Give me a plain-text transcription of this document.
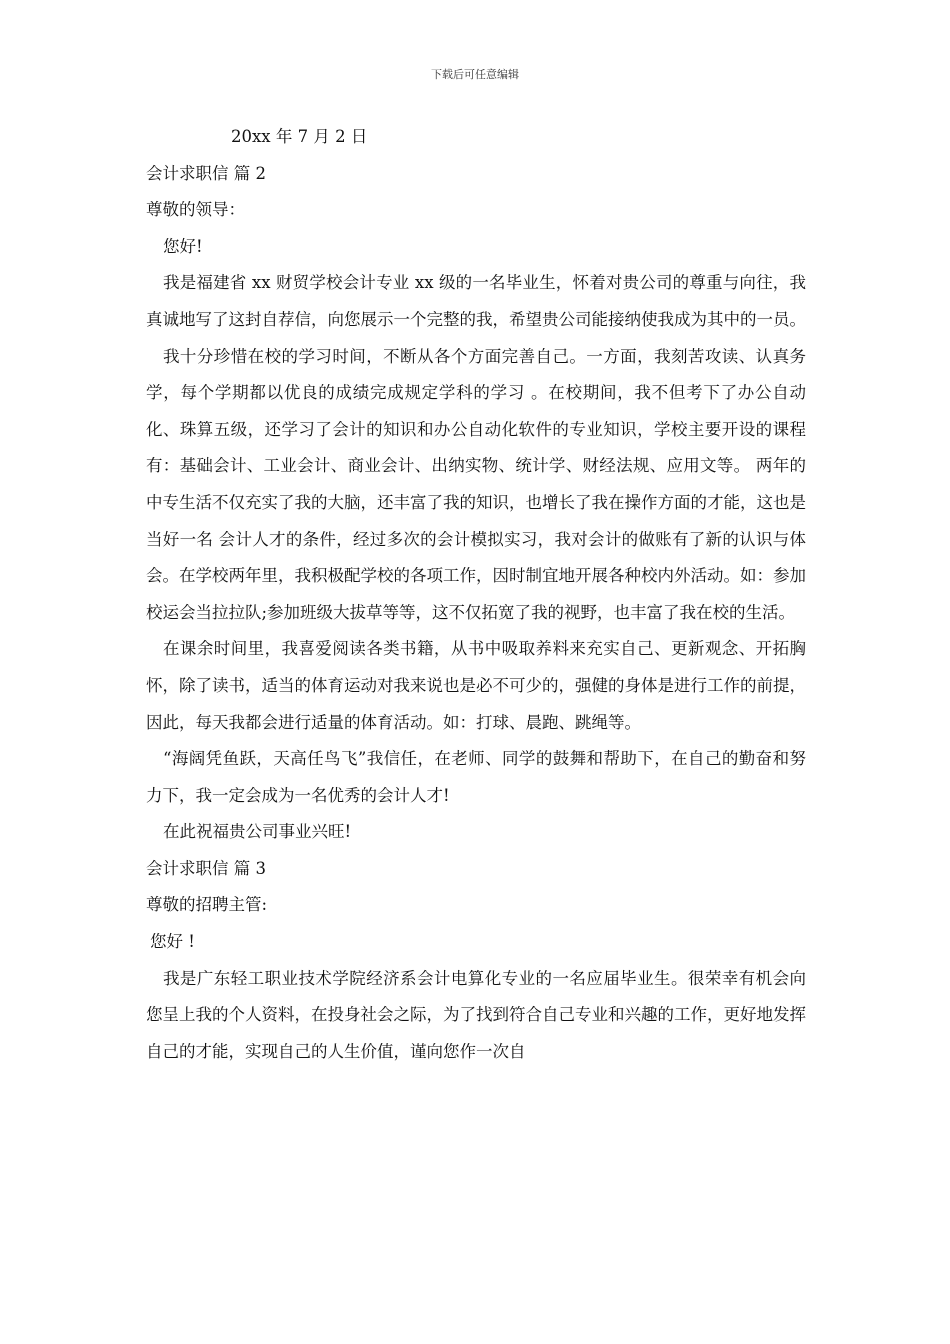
下载后可任意编辑

20xx 年 7 月 2 日

会计求职信 篇 2

尊敬的领导：

您好!

我是福建省 xx 财贸学校会计专业 xx 级的一名毕业生，怀着对贵公司的尊重与向往，我真诚地写了这封自荐信，向您展示一个完整的我，希望贵公司能接纳使我成为其中的一员。

我十分珍惜在校的学习时间，不断从各个方面完善自己。一方面，我刻苦攻读、认真务学，每个学期都以优良的成绩完成规定学科的学习 。在校期间，我不但考下了办公自动化、珠算五级，还学习了会计的知识和办公自动化软件的专业知识，学校主要开设的课程有：基础会计、工业会计、商业会计、出纳实物、统计学、财经法规、应用文等。 两年的中专生活不仅充实了我的大脑，还丰富了我的知识，也增长了我在操作方面的才能，这也是当好一名 会计人才的条件，经过多次的会计模拟实习，我对会计的做账有了新的认识与体会。在学校两年里，我积极配学校的各项工作，因时制宜地开展各种校内外活动。如：参加校运会当拉拉队;参加班级大拔草等等，这不仅拓宽了我的视野，也丰富了我在校的生活。

在课余时间里，我喜爱阅读各类书籍，从书中吸取养料来充实自己、更新观念、开拓胸怀，除了读书，适当的体育运动对我来说也是必不可少的，强健的身体是进行工作的前提，因此，每天我都会进行适量的体育活动。如：打球、晨跑、跳绳等。

“海阔凭鱼跃，天高任鸟飞”我信任，在老师、同学的鼓舞和帮助下，在自己的勤奋和努力下，我一定会成为一名优秀的会计人才!

在此祝福贵公司事业兴旺!

会计求职信 篇 3

尊敬的招聘主管:

您好 !

我是广东轻工职业技术学院经济系会计电算化专业的一名应届毕业生。很荣幸有机会向您呈上我的个人资料，在投身社会之际，为了找到符合自己专业和兴趣的工作，更好地发挥自己的才能，实现自己的人生价值，谨向您作一次自
